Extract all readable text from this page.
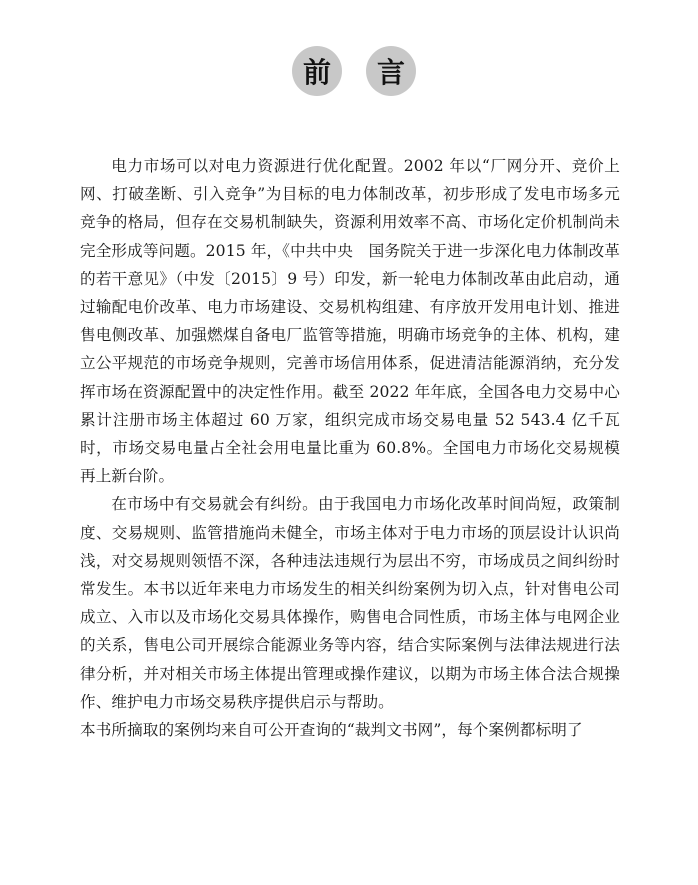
前	言

电力市场可以对电力资源进行优化配置。2002 年以“厂网分开、竞价上网、打破垄断、引入竞争”为目标的电力体制改革，初步形成了发电市场多元竞争的格局，但存在交易机制缺失，资源利用效率不高、市场化定价机制尚未完全形成等问题。2015 年，《中共中央　国务院关于进一步深化电力体制改革的若干意见》（中发〔2015〕9 号）印发，新一轮电力体制改革由此启动，通过输配电价改革、电力市场建设、交易机构组建、有序放开发用电计划、推进售电侧改革、加强燃煤自备电厂监管等措施，明确市场竞争的主体、机构，建立公平规范的市场竞争规则，完善市场信用体系，促进清洁能源消纳，充分发挥市场在资源配置中的决定性作用。截至 2022 年年底，全国各电力交易中心累计注册市场主体超过 60 万家，组织完成市场交易电量 52 543.4 亿千瓦时，市场交易电量占全社会用电量比重为 60.8%。全国电力市场化交易规模再上新台阶。

在市场中有交易就会有纠纷。由于我国电力市场化改革时间尚短，政策制度、交易规则、监管措施尚未健全，市场主体对于电力市场的顶层设计认识尚浅，对交易规则领悟不深，各种违法违规行为层出不穷，市场成员之间纠纷时常发生。本书以近年来电力市场发生的相关纠纷案例为切入点，针对售电公司成立、入市以及市场化交易具体操作，购售电合同性质，市场主体与电网企业的关系，售电公司开展综合能源业务等内容，结合实际案例与法律法规进行法律分析，并对相关市场主体提出管理或操作建议，以期为市场主体合法合规操作、维护电力市场交易秩序提供启示与帮助。

本书所摘取的案例均来自可公开查询的“裁判文书网”，每个案例都标明了
